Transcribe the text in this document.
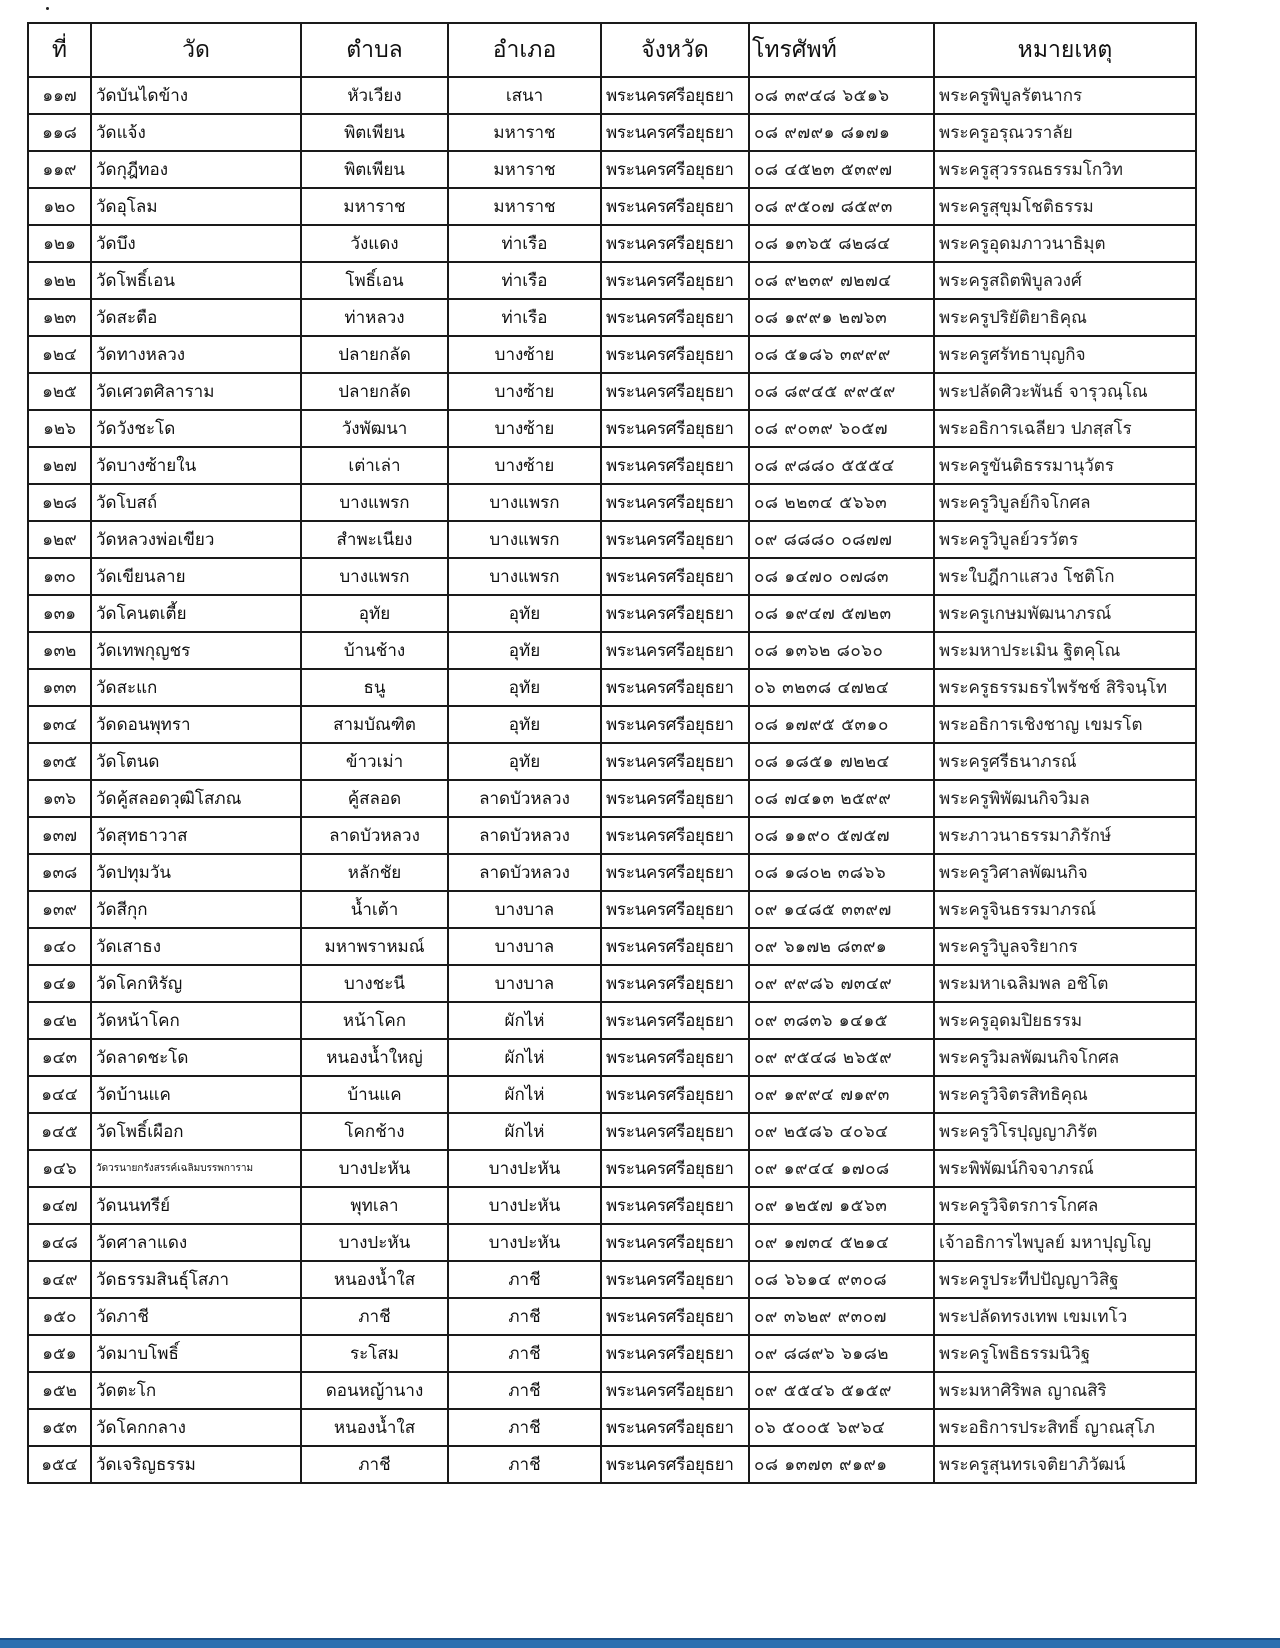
ที่	วัด	ตำบล	อำเภอ	จังหวัด	โทรศัพท์	หมายเหตุ
๑๑๗	วัดบันไดข้าง	หัวเวียง	เสนา	พระนครศรีอยุธยา	๐๘ ๓๙๔๘ ๖๕๑๖	พระครูพิบูลรัตนากร
๑๑๘	วัดแจ้ง	พิตเพียน	มหาราช	พระนครศรีอยุธยา	๐๘ ๙๗๙๑ ๘๑๗๑	พระครูอรุณวราลัย
๑๑๙	วัดกุฎีทอง	พิตเพียน	มหาราช	พระนครศรีอยุธยา	๐๘ ๔๕๒๓ ๕๓๙๗	พระครูสุวรรณธรรมโกวิท
๑๒๐	วัดอุโลม	มหาราช	มหาราช	พระนครศรีอยุธยา	๐๘ ๙๕๐๗ ๘๕๙๓	พระครูสุขุมโชติธรรม
๑๒๑	วัดบึง	วังแดง	ท่าเรือ	พระนครศรีอยุธยา	๐๘ ๑๓๖๕ ๘๒๘๔	พระครูอุดมภาวนาธิมุต
๑๒๒	วัดโพธิ์เอน	โพธิ์เอน	ท่าเรือ	พระนครศรีอยุธยา	๐๘ ๙๒๓๙ ๗๒๗๔	พระครูสถิตพิบูลวงศ์
๑๒๓	วัดสะตือ	ท่าหลวง	ท่าเรือ	พระนครศรีอยุธยา	๐๘ ๑๙๙๑ ๒๗๖๓	พระครูปริยัติยาธิคุณ
๑๒๔	วัดทางหลวง	ปลายกลัด	บางซ้าย	พระนครศรีอยุธยา	๐๘ ๕๑๘๖ ๓๙๙๙	พระครูศรัทธาบุญกิจ
๑๒๕	วัดเศวตศิลาราม	ปลายกลัด	บางซ้าย	พระนครศรีอยุธยา	๐๘ ๘๙๔๕ ๙๙๕๙	พระปลัดศิวะพันธ์ จารุวณฺโณ
๑๒๖	วัดวังชะโด	วังพัฒนา	บางซ้าย	พระนครศรีอยุธยา	๐๘ ๙๐๓๙ ๖๐๕๗	พระอธิการเฉลียว ปภสฺสโร
๑๒๗	วัดบางซ้ายใน	เต่าเล่า	บางซ้าย	พระนครศรีอยุธยา	๐๘ ๙๘๘๐ ๕๕๕๔	พระครูขันติธรรมานุวัตร
๑๒๘	วัดโบสถ์	บางแพรก	บางแพรก	พระนครศรีอยุธยา	๐๘ ๒๒๓๔ ๕๖๖๓	พระครูวิบูลย์กิจโกศล
๑๒๙	วัดหลวงพ่อเขียว	สำพะเนียง	บางแพรก	พระนครศรีอยุธยา	๐๙ ๘๘๘๐ ๐๘๗๗	พระครูวิบูลย์วรวัตร
๑๓๐	วัดเขียนลาย	บางแพรก	บางแพรก	พระนครศรีอยุธยา	๐๘ ๑๔๗๐ ๐๗๘๓	พระใบฎีกาแสวง โชติโก
๑๓๑	วัดโคนตเตี้ย	อุทัย	อุทัย	พระนครศรีอยุธยา	๐๘ ๑๙๔๗ ๕๗๒๓	พระครูเกษมพัฒนาภรณ์
๑๓๒	วัดเทพกุญชร	บ้านช้าง	อุทัย	พระนครศรีอยุธยา	๐๘ ๑๓๖๒ ๘๐๖๐	พระมหาประเมิน ฐิตคุโณ
๑๓๓	วัดสะแก	ธนู	อุทัย	พระนครศรีอยุธยา	๐๖ ๓๒๓๘ ๔๗๒๔	พระครูธรรมธรไพรัชช์ สิริจนฺโท
๑๓๔	วัดดอนพุทรา	สามบัณฑิต	อุทัย	พระนครศรีอยุธยา	๐๘ ๑๗๙๕ ๕๓๑๐	พระอธิการเชิงชาญ เขมรโต
๑๓๕	วัดโตนด	ข้าวเม่า	อุทัย	พระนครศรีอยุธยา	๐๘ ๑๘๕๑ ๗๒๒๔	พระครูศรีธนาภรณ์
๑๓๖	วัดคู้สลอดวุฒิโสภณ	คู้สลอด	ลาดบัวหลวง	พระนครศรีอยุธยา	๐๘ ๗๔๑๓ ๒๕๙๙	พระครูพิพัฒนกิจวิมล
๑๓๗	วัดสุทธาวาส	ลาดบัวหลวง	ลาดบัวหลวง	พระนครศรีอยุธยา	๐๘ ๑๑๙๐ ๕๗๕๗	พระภาวนาธรรมาภิรักษ์
๑๓๘	วัดปทุมวัน	หลักชัย	ลาดบัวหลวง	พระนครศรีอยุธยา	๐๘ ๑๘๐๒ ๓๘๖๖	พระครูวิศาลพัฒนกิจ
๑๓๙	วัดสีกุก	น้ำเต้า	บางบาล	พระนครศรีอยุธยา	๐๙ ๑๔๘๕ ๓๓๙๗	พระครูจินธรรมาภรณ์
๑๔๐	วัดเสาธง	มหาพราหมณ์	บางบาล	พระนครศรีอยุธยา	๐๙ ๖๑๗๒ ๘๓๙๑	พระครูวิบูลจริยากร
๑๔๑	วัดโคกหิรัญ	บางชะนี	บางบาล	พระนครศรีอยุธยา	๐๙ ๙๙๘๖ ๗๓๔๙	พระมหาเฉลิมพล อชิโต
๑๔๒	วัดหน้าโคก	หน้าโคก	ผักไห่	พระนครศรีอยุธยา	๐๙ ๓๘๓๖ ๑๔๑๕	พระครูอุดมปิยธรรม
๑๔๓	วัดลาดชะโด	หนองน้ำใหญ่	ผักไห่	พระนครศรีอยุธยา	๐๙ ๙๕๔๘ ๒๖๕๙	พระครูวิมลพัฒนกิจโกศล
๑๔๔	วัดบ้านแค	บ้านแค	ผักไห่	พระนครศรีอยุธยา	๐๙ ๑๙๙๔ ๗๑๙๓	พระครูวิจิตรสิทธิคุณ
๑๔๕	วัดโพธิ์เผือก	โคกช้าง	ผักไห่	พระนครศรีอยุธยา	๐๙ ๒๕๘๖ ๔๐๖๔	พระครูวิโรปุญญาภิรัต
๑๔๖	วัดวรนายกรังสรรค์เฉลิมบรรพการาม	บางปะหัน	บางปะหัน	พระนครศรีอยุธยา	๐๙ ๑๙๔๔ ๑๗๐๘	พระพิพัฒน์กิจจาภรณ์
๑๔๗	วัดนนทรีย์	พุทเลา	บางปะหัน	พระนครศรีอยุธยา	๐๙ ๑๒๕๗ ๑๕๖๓	พระครูวิจิตรการโกศล
๑๔๘	วัดศาลาแดง	บางปะหัน	บางปะหัน	พระนครศรีอยุธยา	๐๙ ๑๗๓๔ ๕๒๑๔	เจ้าอธิการไพบูลย์ มหาปุญโญ
๑๔๙	วัดธรรมสินธุ์โสภา	หนองน้ำใส	ภาชี	พระนครศรีอยุธยา	๐๘ ๖๖๑๔ ๙๓๐๘	พระครูประทีปปัญญาวิสิฐ
๑๕๐	วัดภาชี	ภาชี	ภาชี	พระนครศรีอยุธยา	๐๙ ๓๖๒๙ ๙๓๐๗	พระปลัดทรงเทพ เขมเทโว
๑๕๑	วัดมาบโพธิ์	ระโสม	ภาชี	พระนครศรีอยุธยา	๐๙ ๘๘๙๖ ๖๑๘๒	พระครูโพธิธรรมนิวิฐ
๑๕๒	วัดตะโก	ดอนหญ้านาง	ภาชี	พระนครศรีอยุธยา	๐๙ ๕๕๔๖ ๕๑๕๙	พระมหาศิริพล ญาณสิริ
๑๕๓	วัดโคกกลาง	หนองน้ำใส	ภาชี	พระนครศรีอยุธยา	๐๖ ๕๐๐๕ ๖๙๖๔	พระอธิการประสิทธิ์ ญาณสุโภ
๑๕๔	วัดเจริญธรรม	ภาชี	ภาชี	พระนครศรีอยุธยา	๐๘ ๑๓๗๓ ๙๑๙๑	พระครูสุนทรเจติยาภิวัฒน์
